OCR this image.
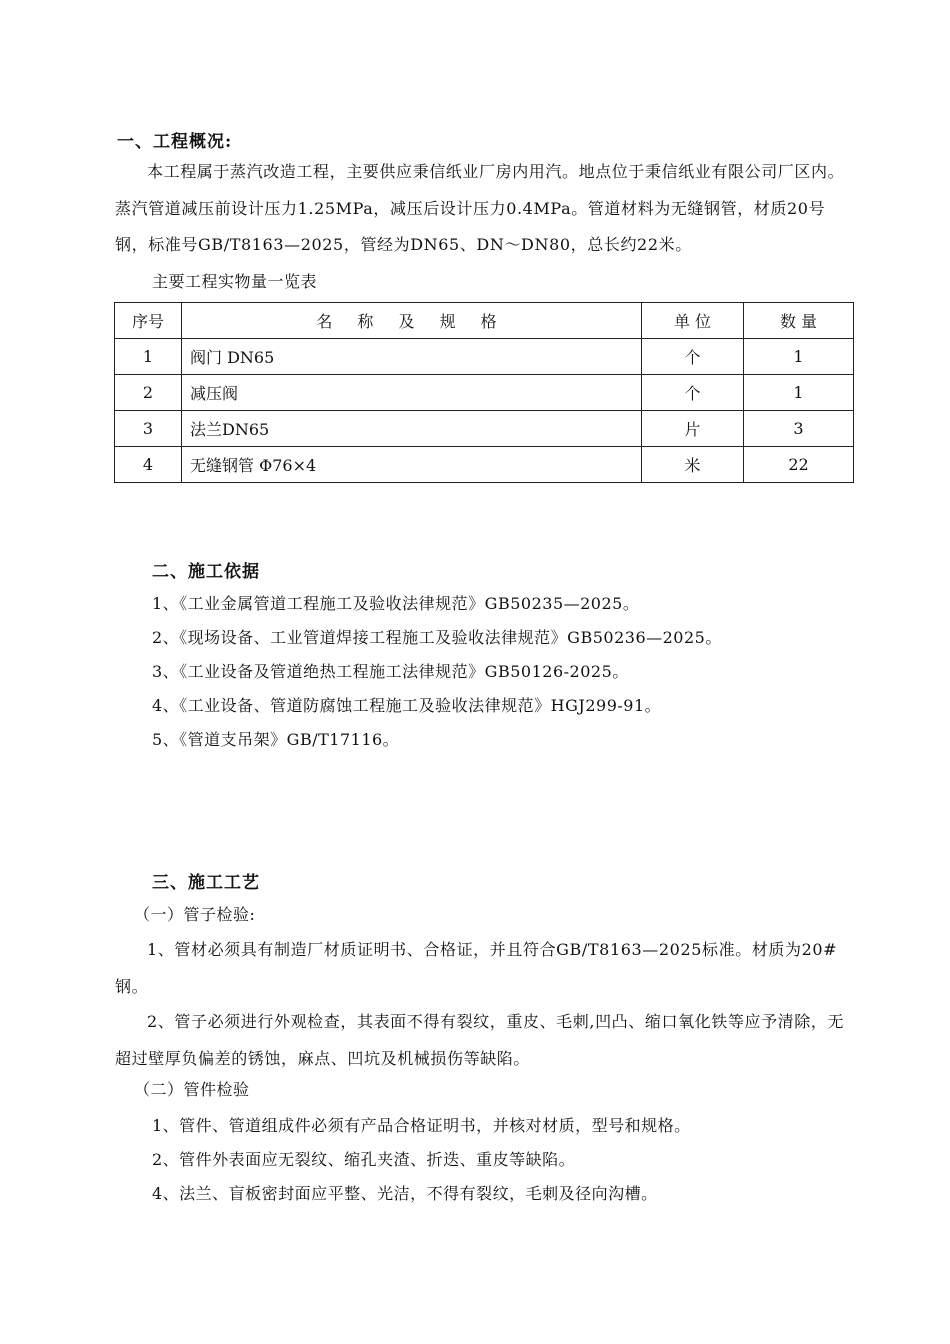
一、工程概况:
本工程属于蒸汽改造工程，主要供应秉信纸业厂房内用汽。地点位于秉信纸业有限公司厂区内。蒸汽管道减压前设计压力1.25MPa，减压后设计压力0.4MPa。管道材料为无缝钢管，材质20号钢，标准号GB/T8163—2025，管经为DN65、DN～DN80，总长约22米。
主要工程实物量一览表
序号	名 称 及 规 格	单 位	数 量
1	阀门 DN65	个	1
2	减压阀	个	1
3	法兰DN65	片	3
4	无缝钢管 Φ76×4	米	22
二、施工依据
1、《工业金属管道工程施工及验收法律规范》GB50235—2025。
2、《现场设备、工业管道焊接工程施工及验收法律规范》GB50236—2025。
3、《工业设备及管道绝热工程施工法律规范》GB50126-2025。
4、《工业设备、管道防腐蚀工程施工及验收法律规范》HGJ299-91。
5、《管道支吊架》GB/T17116。
三、施工工艺
（一）管子检验:
1、管材必须具有制造厂材质证明书、合格证，并且符合GB/T8163—2025标准。材质为20#钢。
2、管子必须进行外观检查，其表面不得有裂纹，重皮、毛刺,凹凸、缩口氧化铁等应予清除，无超过壁厚负偏差的锈蚀，麻点、凹坑及机械损伤等缺陷。
（二）管件检验
1、管件、管道组成件必须有产品合格证明书，并核对材质，型号和规格。
2、管件外表面应无裂纹、缩孔夹渣、折迭、重皮等缺陷。
4、法兰、盲板密封面应平整、光洁，不得有裂纹，毛刺及径向沟槽。
